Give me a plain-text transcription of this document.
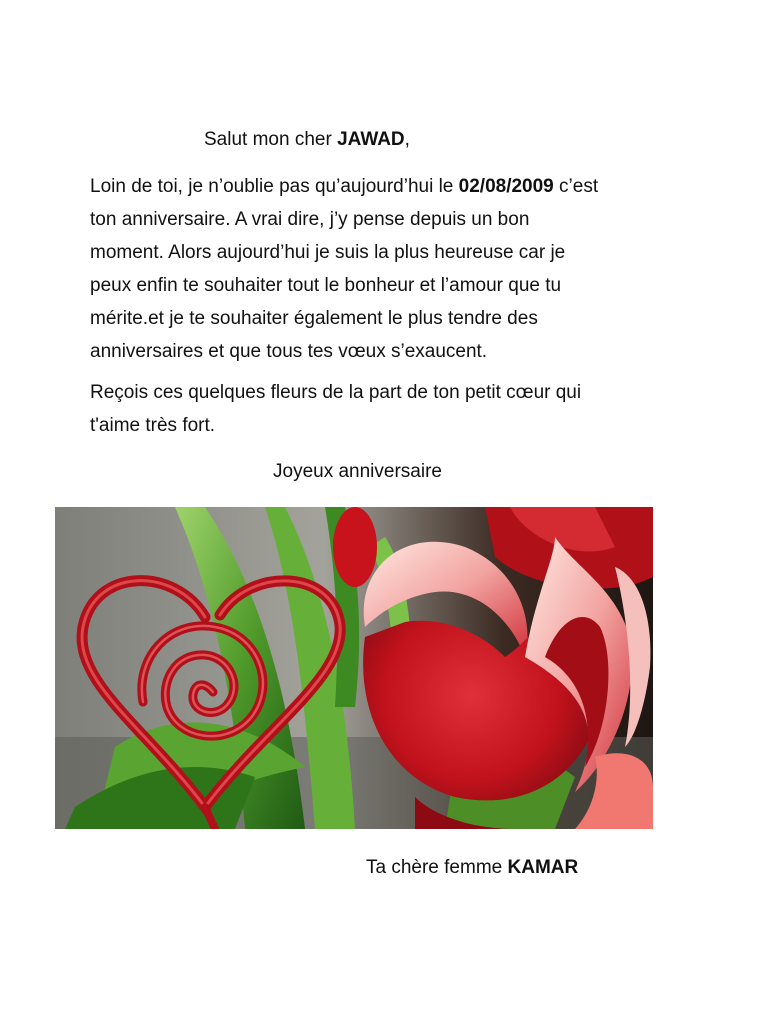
Salut mon cher JAWAD,
Loin de toi, je n’oublie pas qu’aujourd’hui le 02/08/2009 c’est
ton anniversaire. A vrai dire, j’y pense depuis un bon
moment. Alors aujourd’hui je suis la plus heureuse car je
peux enfin te souhaiter tout le bonheur et l’amour que tu
mérite.et je te souhaiter également le plus tendre des
anniversaires et que tous tes vœux s’exaucent.
Reçois ces quelques fleurs de la part de ton petit cœur qui
t'aime très fort.
Joyeux anniversaire
Ta chère femme KAMAR
